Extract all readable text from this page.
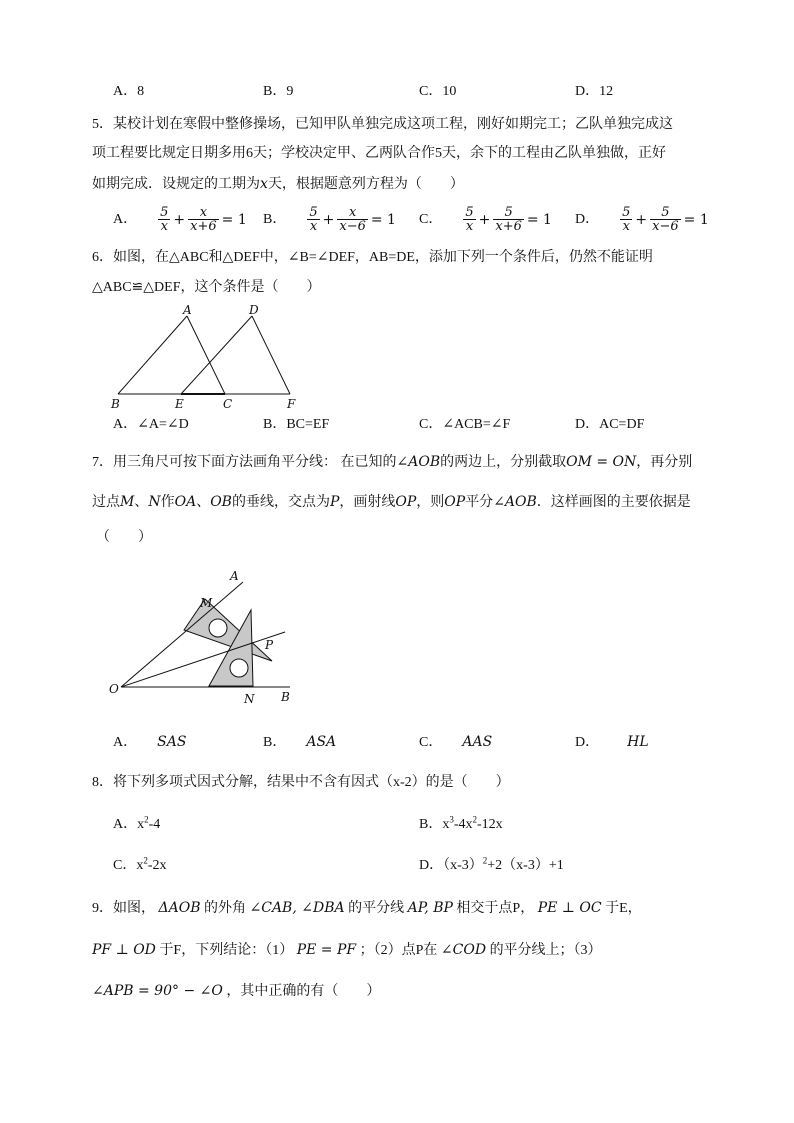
A．8	B．9	C．10	D．12
5．某校计划在寒假中整修操场，已知甲队单独完成这项工程，刚好如期完工；乙队单独完成这
项工程要比规定日期多用6天；学校决定甲、乙两队合作5天，余下的工程由乙队单独做，正好
如期完成．设规定的工期为x天，根据题意列方程为（　　）
A． $\frac{5}{x} + \frac{x}{x+6} = 1$ B． $\frac{5}{x} + \frac{x}{x-6} = 1$ C． $\frac{5}{x} + \frac{5}{x+6} = 1$ D． $\frac{5}{x} + \frac{5}{x-6} = 1$
6．如图，在△ABC和△DEF中，∠B=∠DEF，AB=DE，添加下列一个条件后，仍然不能证明
△ABC≌△DEF，这个条件是（　　）
A	D
B	E	C	F
A．∠A=∠D	B．BC=EF	C．∠ACB=∠F	D．AC=DF
7．用三角尺可按下面方法画角平分线： 在已知的∠AOB的两边上，分别截取OM = ON，再分别
过点M、N作OA、OB的垂线，交点为P，画射线OP，则OP平分∠AOB．这样画图的主要依据是
（　　）
A
M
P
O
N B
A． SAS	B． ASA	C． AAS	D． HL
8．将下列多项式因式分解，结果中不含有因式（x-2）的是（　　）
A．$x^2-4$	B．$x^3-4x^2-12x$
C．$x^2-2x$	D．$(x-3)^2+2(x-3)+1$
9．如图， ΔAOB 的外角 ∠CAB, ∠DBA 的平分线 AP, BP 相交于点P， PE ⊥ OC 于E，
PF ⊥ OD 于F，下列结论：（1） PE = PF ；（2）点P在 ∠COD 的平分线上；（3）
∠APB = 90° − ∠O ，其中正确的有（　　）
